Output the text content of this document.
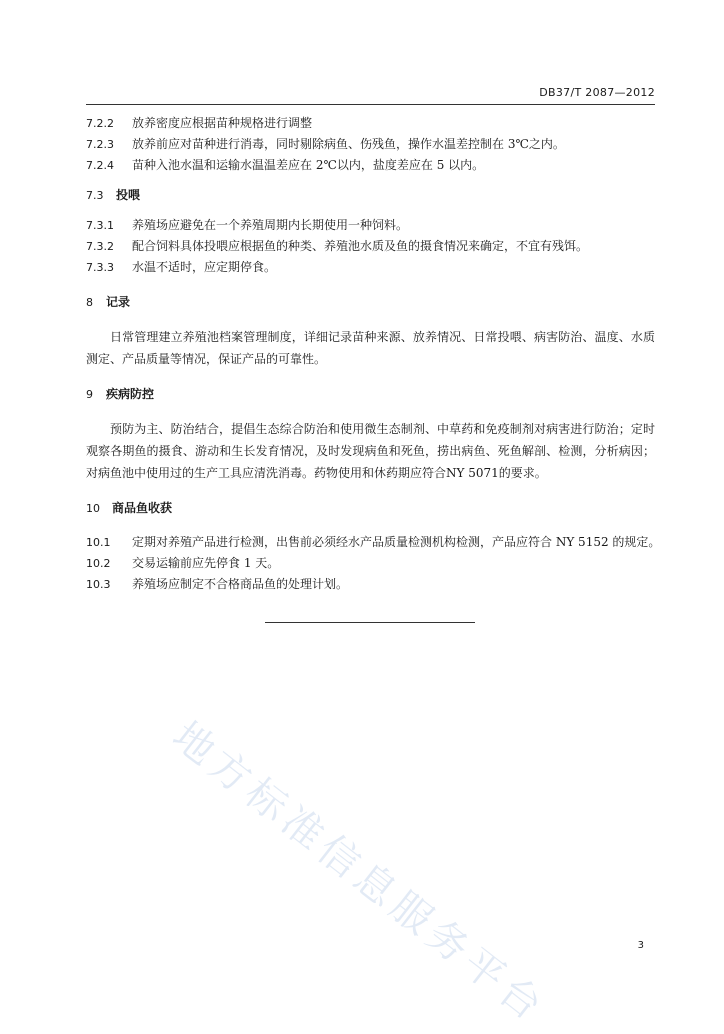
DB37/T 2087—2012
7.2.2	放养密度应根据苗种规格进行调整
7.2.3	放养前应对苗种进行消毒，同时剔除病鱼、伤残鱼，操作水温差控制在 3℃之内。
7.2.4	苗种入池水温和运输水温温差应在 2℃以内，盐度差应在 5 以内。
7.3	投喂
7.3.1	养殖场应避免在一个养殖周期内长期使用一种饲料。
7.3.2	配合饲料具体投喂应根据鱼的种类、养殖池水质及鱼的摄食情况来确定，不宜有残饵。
7.3.3	水温不适时，应定期停食。
8	记录

日常管理建立养殖池档案管理制度，详细记录苗种来源、放养情况、日常投喂、病害防治、温度、水质测定、产品质量等情况，保证产品的可靠性。

9	疾病防控

预防为主、防治结合，提倡生态综合防治和使用微生态制剂、中草药和免疫制剂对病害进行防治；定时观察各期鱼的摄食、游动和生长发育情况，及时发现病鱼和死鱼，捞出病鱼、死鱼解剖、检测，分析病因；对病鱼池中使用过的生产工具应清洗消毒。药物使用和休药期应符合NY 5071的要求。

10	商品鱼收获
10.1	定期对养殖产品进行检测，出售前必须经水产品质量检测机构检测，产品应符合 NY 5152 的规定。
10.2	交易运输前应先停食 1 天。
10.3	养殖场应制定不合格商品鱼的处理计划。
地方标准信息服务平台	3
